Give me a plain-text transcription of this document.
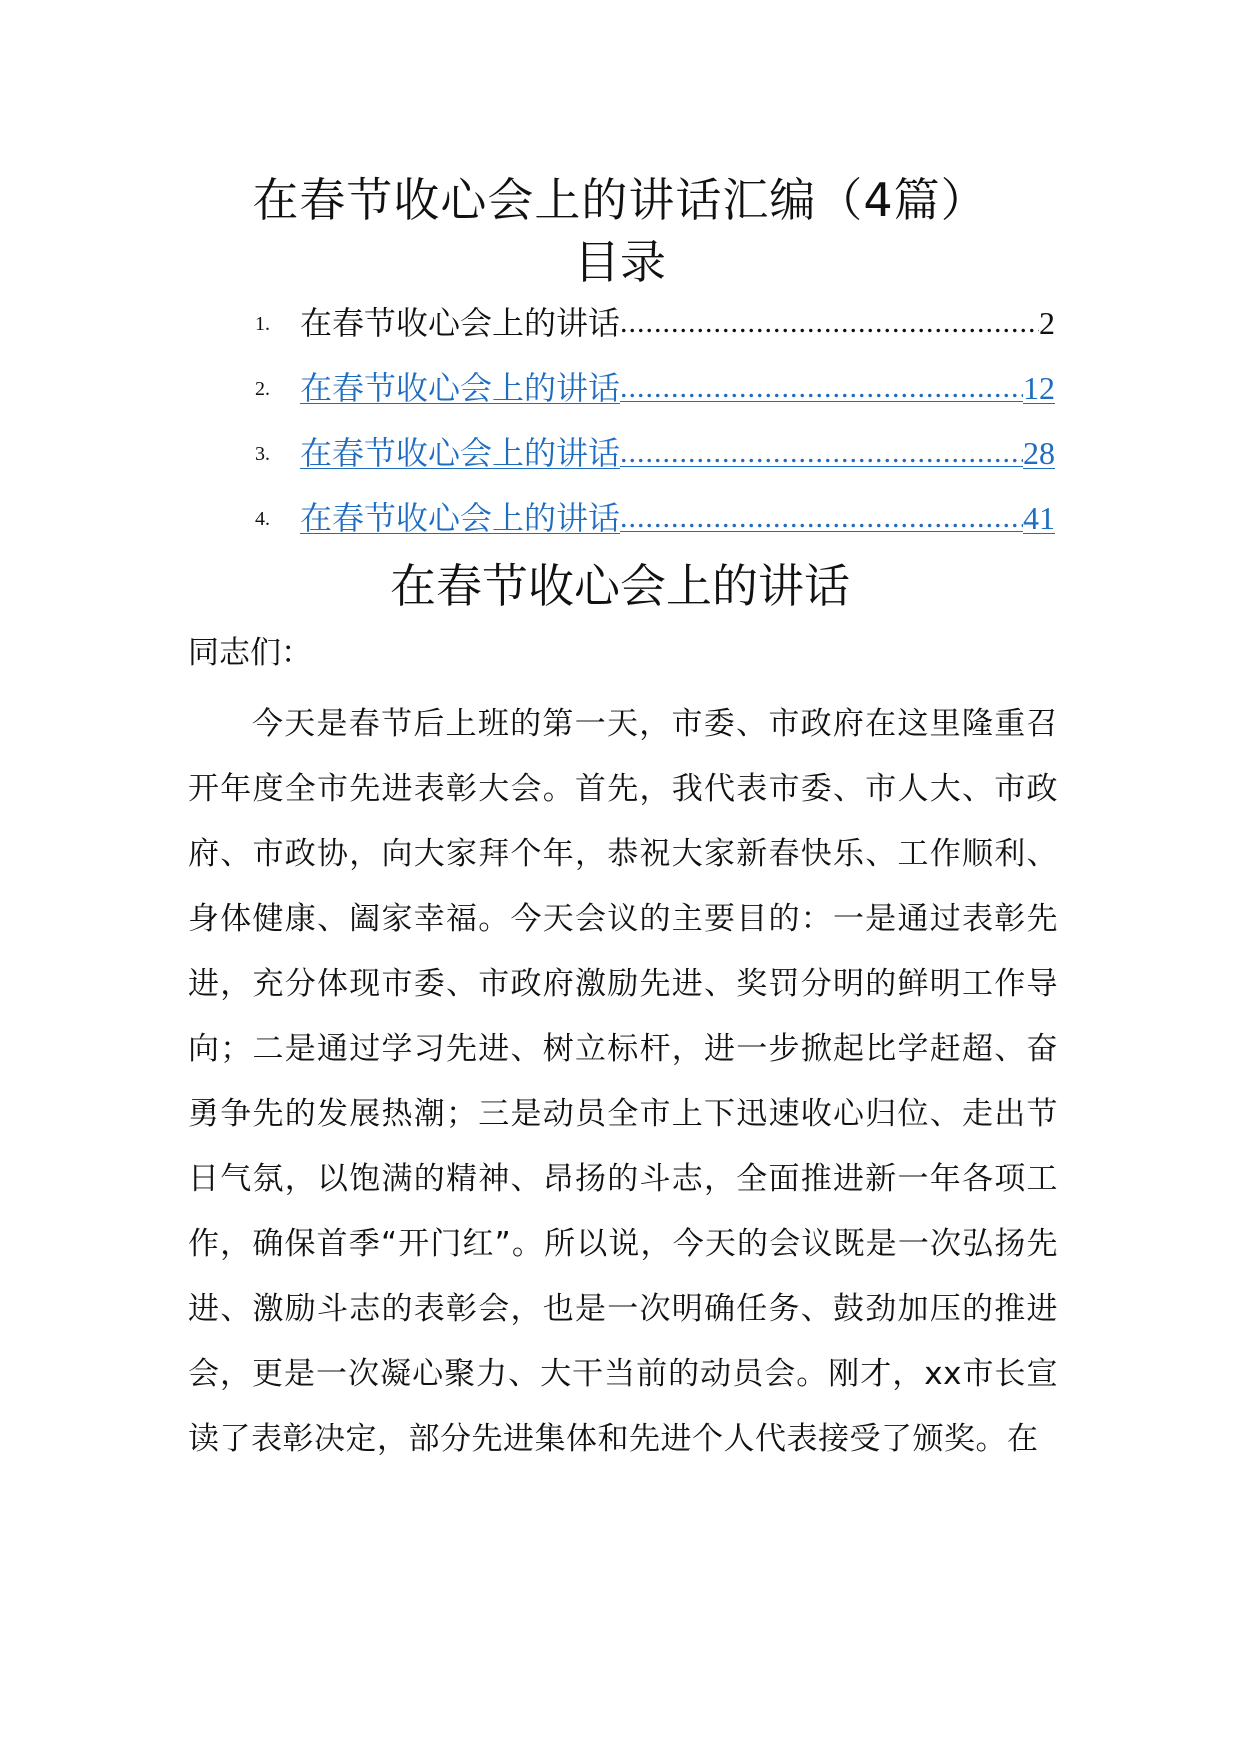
在春节收心会上的讲话汇编（4篇）
目录
1. 在春节收心会上的讲话 .....	2
2. 在春节收心会上的讲话 .....	12
3. 在春节收心会上的讲话 .....	28
4. 在春节收心会上的讲话 .....	41
在春节收心会上的讲话

同志们：

今天是春节后上班的第一天，市委、市政府在这里隆重召开年度全市先进表彰大会。首先，我代表市委、市人大、市政府、市政协，向大家拜个年，恭祝大家新春快乐、工作顺利、身体健康、阖家幸福。今天会议的主要目的：一是通过表彰先进，充分体现市委、市政府激励先进、奖罚分明的鲜明工作导向；二是通过学习先进、树立标杆，进一步掀起比学赶超、奋勇争先的发展热潮；三是动员全市上下迅速收心归位、走出节日气氛，以饱满的精神、昂扬的斗志，全面推进新一年各项工作，确保首季“开门红”。所以说，今天的会议既是一次弘扬先进、激励斗志的表彰会，也是一次明确任务、鼓劲加压的推进会，更是一次凝心聚力、大干当前的动员会。刚才，xx市长宣读了表彰决定，部分先进集体和先进个人代表接受了颁奖。在
